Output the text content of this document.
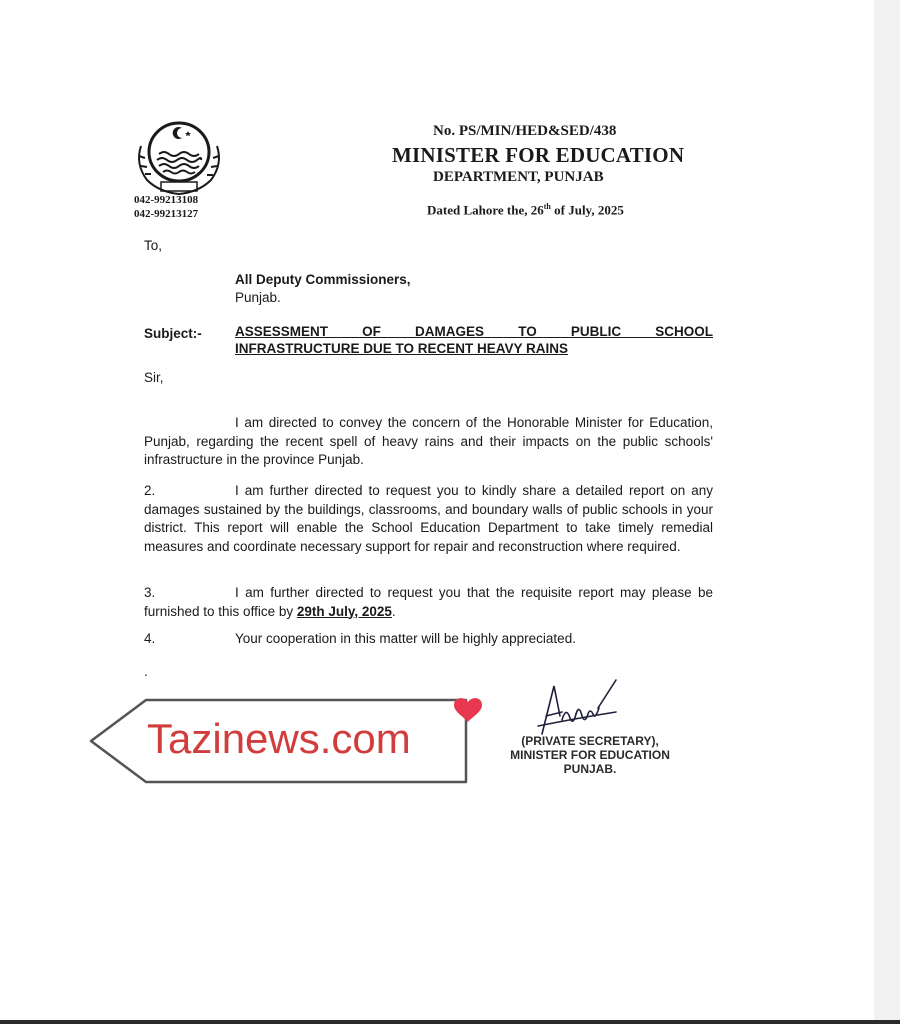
042-99213108
042-99213127
No. PS/MIN/HED&SED/438
MINISTER FOR EDUCATION
DEPARTMENT, PUNJAB
Dated Lahore the, 26th of July, 2025
To,
All Deputy Commissioners,
Punjab.
Subject:- ASSESSMENT OF DAMAGES TO PUBLIC SCHOOL
INFRASTRUCTURE DUE TO RECENT HEAVY RAINS
Sir,
I am directed to convey the concern of the Honorable Minister for Education, Punjab, regarding the recent spell of heavy rains and their impacts on the public schools' infrastructure in the province Punjab.
2.	I am further directed to request you to kindly share a detailed report on any damages sustained by the buildings, classrooms, and boundary walls of public schools in your district. This report will enable the School Education Department to take timely remedial measures and coordinate necessary support for repair and reconstruction where required.
3.	I am further directed to request you that the requisite report may please be furnished to this office by 29th July, 2025.
4.	Your cooperation in this matter will be highly appreciated.
.
(PRIVATE SECRETARY),
MINISTER FOR EDUCATION
PUNJAB.
Tazinews.com
